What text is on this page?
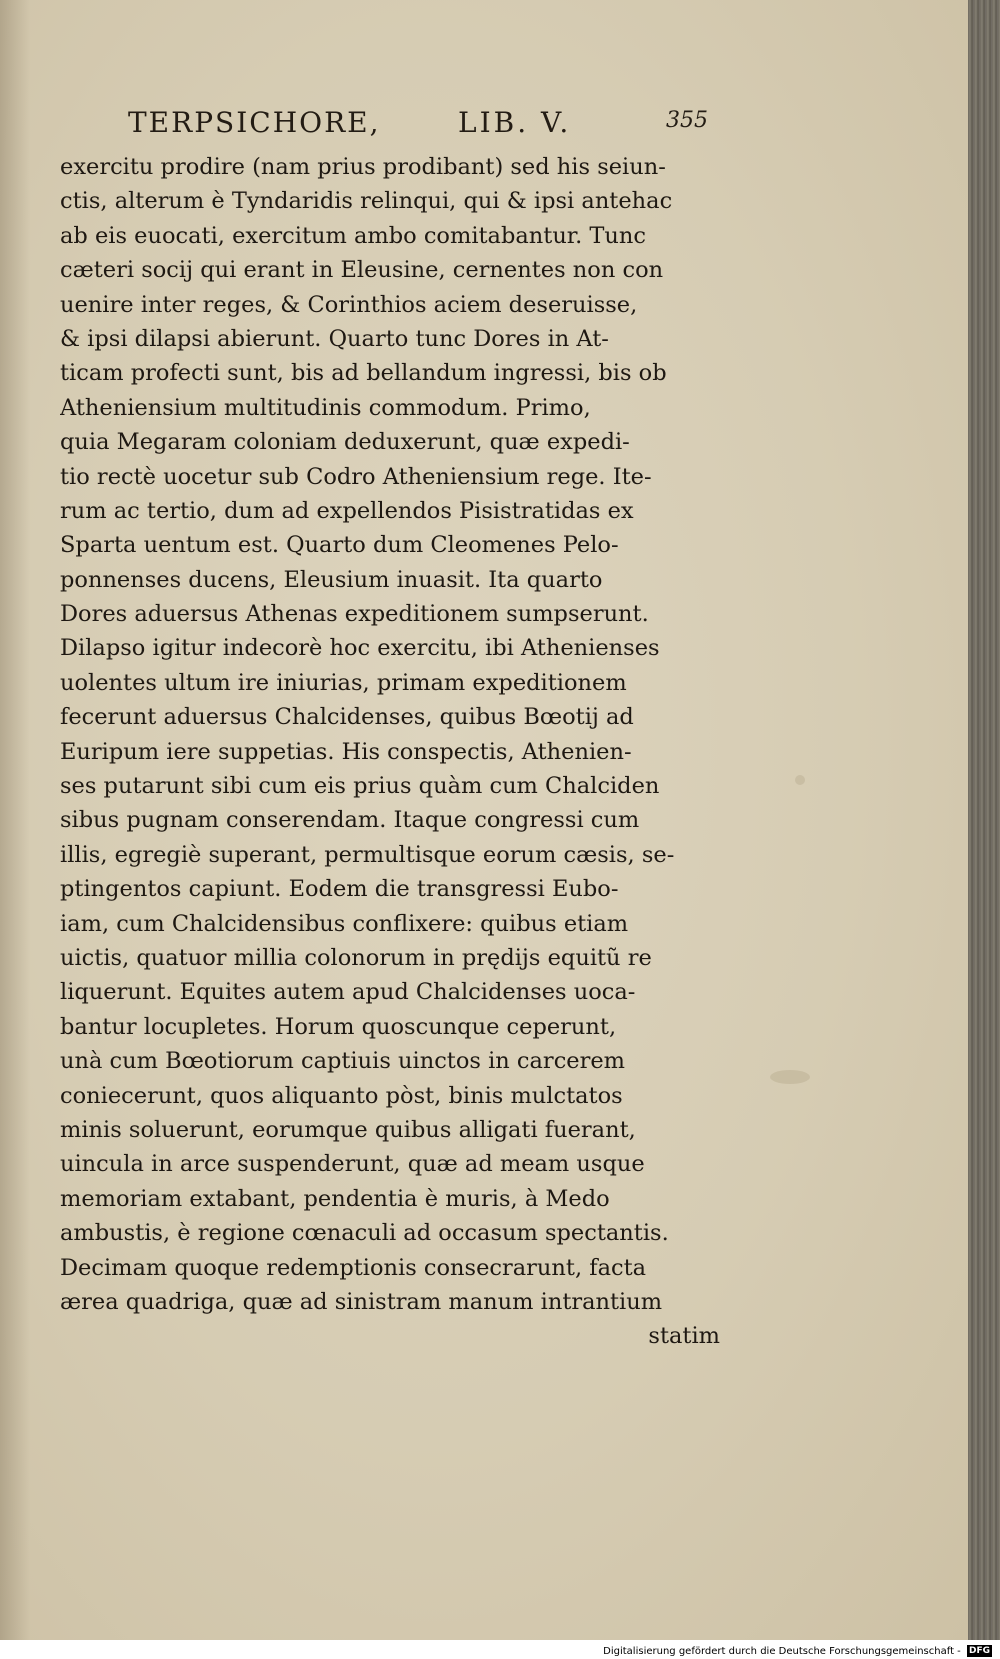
TERPSICHORE,	LIB. V.	355
exercitu prodire (nam prius prodibant) sed his seiun-
ctis, alterum è Tyndaridis relinqui, qui & ipsi antehac
ab eis euocati, exercitum ambo comitabantur. Tunc
cæteri socij qui erant in Eleusine, cernentes non con
uenire inter reges, & Corinthios aciem deseruisse,
& ipsi dilapsi abierunt. Quarto tunc Dores in At-
ticam profecti sunt, bis ad bellandum ingressi, bis ob
Atheniensium multitudinis commodum. Primo,
quia Megaram coloniam deduxerunt, quæ expedi-
tio rectè uocetur sub Codro Atheniensium rege. Ite-
rum ac tertio, dum ad expellendos Pisistratidas ex
Sparta uentum est. Quarto dum Cleomenes Pelo-
ponnenses ducens, Eleusium inuasit. Ita quarto
Dores aduersus Athenas expeditionem sumpserunt.
Dilapso igitur indecorè hoc exercitu, ibi Athenienses
uolentes ultum ire iniurias, primam expeditionem
fecerunt aduersus Chalcidenses, quibus Bœotij ad
Euripum iere suppetias. His conspectis, Athenien-
ses putarunt sibi cum eis prius quàm cum Chalciden
sibus pugnam conserendam. Itaque congressi cum
illis, egregiè superant, permultisque eorum cæsis, se-
ptingentos capiunt. Eodem die transgressi Eubo-
iam, cum Chalcidensibus conflixere: quibus etiam
uictis, quatuor millia colonorum in prędijs equitũ re
liquerunt. Equites autem apud Chalcidenses uoca-
bantur locupletes. Horum quoscunque ceperunt,
unà cum Bœotiorum captiuis uinctos in carcerem
coniecerunt, quos aliquanto pòst, binis mulctatos
minis soluerunt, eorumque quibus alligati fuerant,
uincula in arce suspenderunt, quæ ad meam usque
memoriam extabant, pendentia è muris, à Medo
ambustis, è regione cœnaculi ad occasum spectantis.
Decimam quoque redemptionis consecrarunt, facta
ærea quadriga, quæ ad sinistram manum intrantium
statim
Digitalisierung gefördert durch die Deutsche Forschungsgemeinschaft - DFG
